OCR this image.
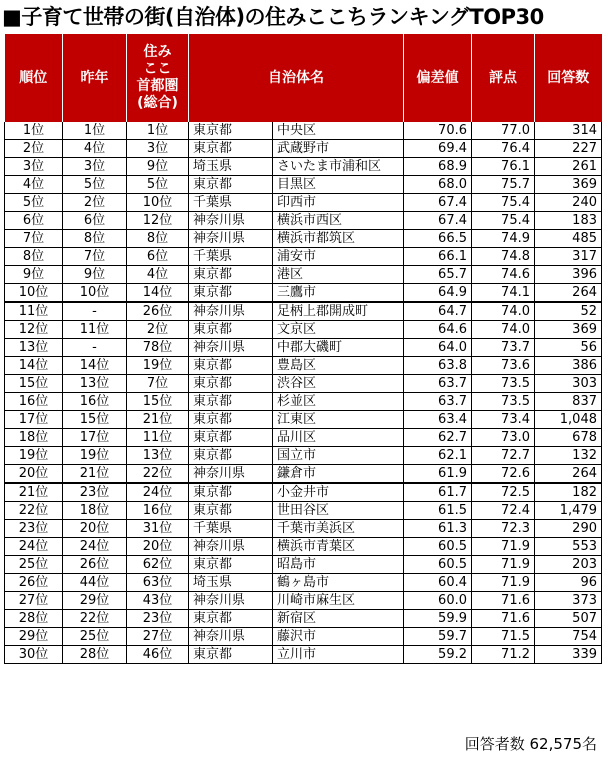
■子育て世帯の街(自治体)の住みここちランキングTOP30
順位	昨年	住み
ここ
首都圏
(総合)	自治体名		偏差値	評点	回答数
1位	1位	1位	東京都	中央区	70.6	77.0	314
2位	4位	3位	東京都	武蔵野市	69.4	76.4	227
3位	3位	9位	埼玉県	さいたま市浦和区	68.9	76.1	261
4位	5位	5位	東京都	目黒区	68.0	75.7	369
5位	2位	10位	千葉県	印西市	67.4	75.4	240
6位	6位	12位	神奈川県	横浜市西区	67.4	75.4	183
7位	8位	8位	神奈川県	横浜市都筑区	66.5	74.9	485
8位	7位	6位	千葉県	浦安市	66.1	74.8	317
9位	9位	4位	東京都	港区	65.7	74.6	396
10位	10位	14位	東京都	三鷹市	64.9	74.1	264
11位	-	26位	神奈川県	足柄上郡開成町	64.7	74.0	52
12位	11位	2位	東京都	文京区	64.6	74.0	369
13位	-	78位	神奈川県	中郡大磯町	64.0	73.7	56
14位	14位	19位	東京都	豊島区	63.8	73.6	386
15位	13位	7位	東京都	渋谷区	63.7	73.5	303
16位	16位	15位	東京都	杉並区	63.7	73.5	837
17位	15位	21位	東京都	江東区	63.4	73.4	1,048
18位	17位	11位	東京都	品川区	62.7	73.0	678
19位	19位	13位	東京都	国立市	62.1	72.7	132
20位	21位	22位	神奈川県	鎌倉市	61.9	72.6	264
21位	23位	24位	東京都	小金井市	61.7	72.5	182
22位	18位	16位	東京都	世田谷区	61.5	72.4	1,479
23位	20位	31位	千葉県	千葉市美浜区	61.3	72.3	290
24位	24位	20位	神奈川県	横浜市青葉区	60.5	71.9	553
25位	26位	62位	東京都	昭島市	60.5	71.9	203
26位	44位	63位	埼玉県	鶴ヶ島市	60.4	71.9	96
27位	29位	43位	神奈川県	川崎市麻生区	60.0	71.6	373
28位	22位	23位	東京都	新宿区	59.9	71.6	507
29位	25位	27位	神奈川県	藤沢市	59.7	71.5	754
30位	28位	46位	東京都	立川市	59.2	71.2	339
回答者数 62,575名
